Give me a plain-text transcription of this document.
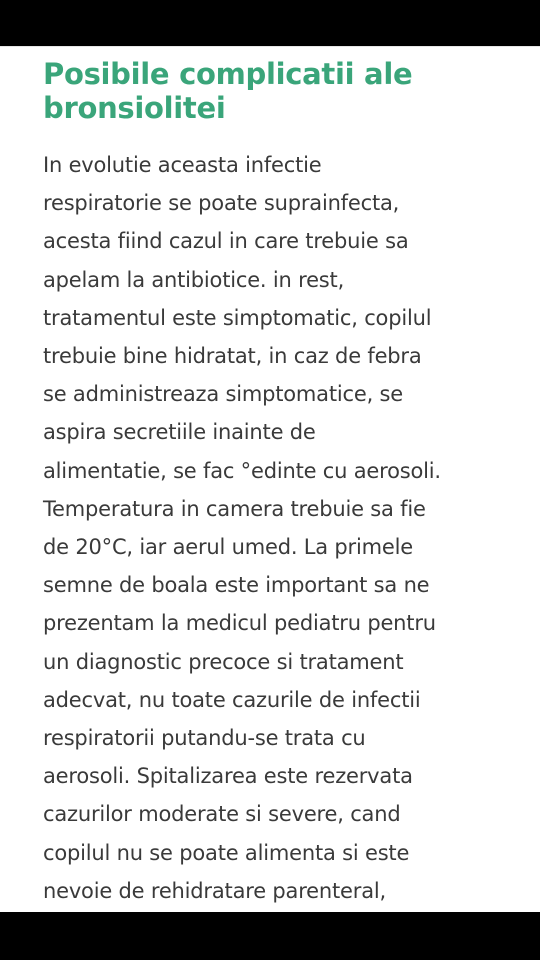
Posibile complicatii ale
bronsiolitei

In evolutie aceasta infectie
respiratorie se poate suprainfecta,
acesta fiind cazul in care trebuie sa
apelam la antibiotice. in rest,
tratamentul este simptomatic, copilul
trebuie bine hidratat, in caz de febra
se administreaza simptomatice, se
aspira secretiile inainte de
alimentatie, se fac °edinte cu aerosoli.
Temperatura in camera trebuie sa fie
de 20°C, iar aerul umed. La primele
semne de boala este important sa ne
prezentam la medicul pediatru pentru
un diagnostic precoce si tratament
adecvat, nu toate cazurile de infectii
respiratorii putandu-se trata cu
aerosoli. Spitalizarea este rezervata
cazurilor moderate si severe, cand
copilul nu se poate alimenta si este
nevoie de rehidratare parenteral,
